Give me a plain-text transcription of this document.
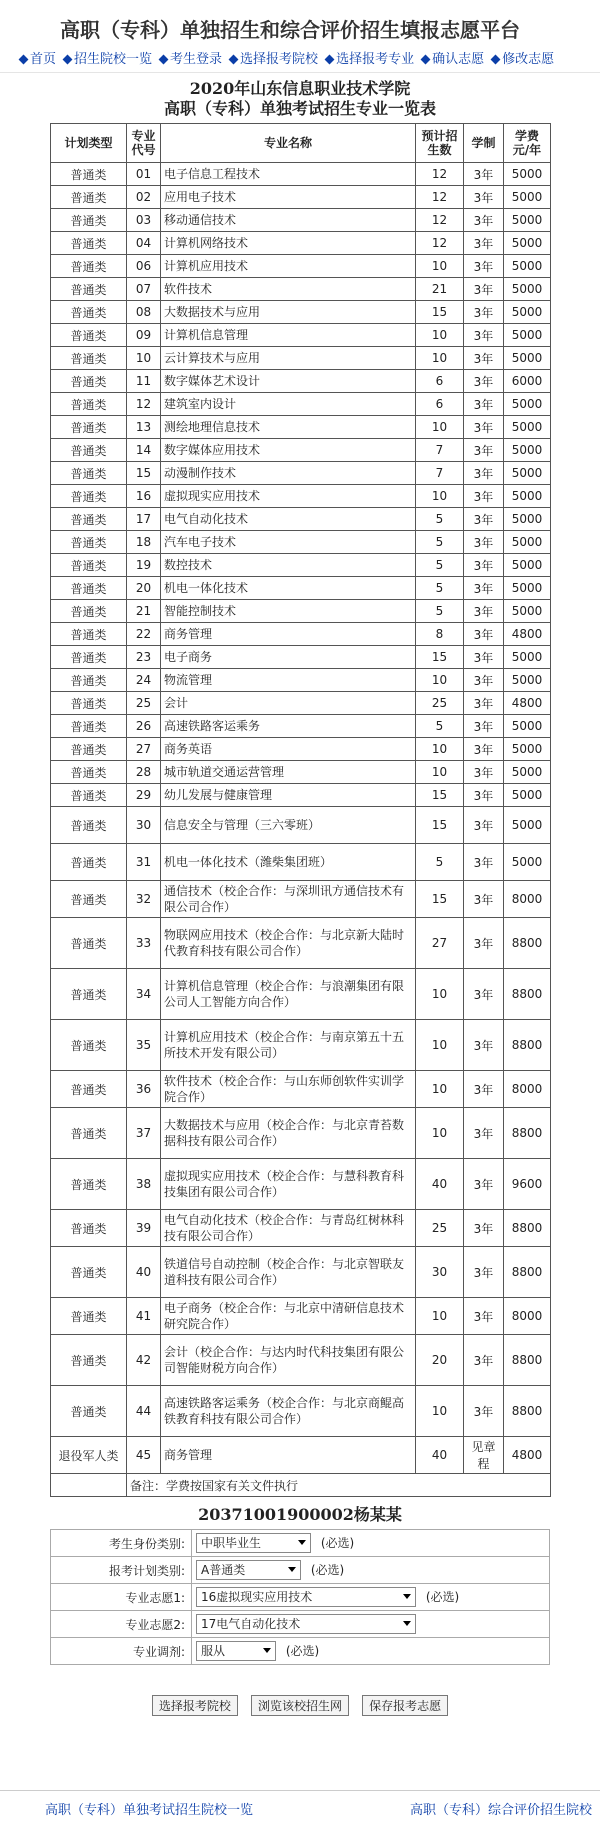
高职（专科）单独招生和综合评价招生填报志愿平台
首页 招生院校一览 考生登录 选择报考院校 选择报考专业 确认志愿 修改志愿
2020年山东信息职业技术学院
高职（专科）单独考试招生专业一览表
计划类型	专业代号	专业名称	预计招生数	学制	学费元/年
普通类	01	电子信息工程技术	12	3年	5000
普通类	02	应用电子技术	12	3年	5000
普通类	03	移动通信技术	12	3年	5000
普通类	04	计算机网络技术	12	3年	5000
普通类	06	计算机应用技术	10	3年	5000
普通类	07	软件技术	21	3年	5000
普通类	08	大数据技术与应用	15	3年	5000
普通类	09	计算机信息管理	10	3年	5000
普通类	10	云计算技术与应用	10	3年	5000
普通类	11	数字媒体艺术设计	6	3年	6000
普通类	12	建筑室内设计	6	3年	5000
普通类	13	测绘地理信息技术	10	3年	5000
普通类	14	数字媒体应用技术	7	3年	5000
普通类	15	动漫制作技术	7	3年	5000
普通类	16	虚拟现实应用技术	10	3年	5000
普通类	17	电气自动化技术	5	3年	5000
普通类	18	汽车电子技术	5	3年	5000
普通类	19	数控技术	5	3年	5000
普通类	20	机电一体化技术	5	3年	5000
普通类	21	智能控制技术	5	3年	5000
普通类	22	商务管理	8	3年	4800
普通类	23	电子商务	15	3年	5000
普通类	24	物流管理	10	3年	5000
普通类	25	会计	25	3年	4800
普通类	26	高速铁路客运乘务	5	3年	5000
普通类	27	商务英语	10	3年	5000
普通类	28	城市轨道交通运营管理	10	3年	5000
普通类	29	幼儿发展与健康管理	15	3年	5000
普通类	30	信息安全与管理（三六零班）	15	3年	5000
普通类	31	机电一体化技术（潍柴集团班）	5	3年	5000
普通类	32	通信技术（校企合作：与深圳讯方通信技术有限公司合作）	15	3年	8000
普通类	33	物联网应用技术（校企合作：与北京新大陆时代教育科技有限公司合作）	27	3年	8800
普通类	34	计算机信息管理（校企合作：与浪潮集团有限公司人工智能方向合作）	10	3年	8800
普通类	35	计算机应用技术（校企合作：与南京第五十五所技术开发有限公司）	10	3年	8800
普通类	36	软件技术（校企合作：与山东师创软件实训学院合作）	10	3年	8000
普通类	37	大数据技术与应用（校企合作：与北京青苔数据科技有限公司合作）	10	3年	8800
普通类	38	虚拟现实应用技术（校企合作：与慧科教育科技集团有限公司合作）	40	3年	9600
普通类	39	电气自动化技术（校企合作：与青岛红树林科技有限公司合作）	25	3年	8800
普通类	40	铁道信号自动控制（校企合作：与北京智联友道科技有限公司合作）	30	3年	8800
普通类	41	电子商务（校企合作：与北京中清研信息技术研究院合作）	10	3年	8000
普通类	42	会计（校企合作：与达内时代科技集团有限公司智能财税方向合作）	20	3年	8800
普通类	44	高速铁路客运乘务（校企合作：与北京商鲲高铁教育科技有限公司合作）	10	3年	8800
退役军人类	45	商务管理	40	见章程	4800
	备注：学费按国家有关文件执行				
20371001900002杨某某
考生身份类别:	中职毕业生 (必选)
报考计划类别:	A普通类 (必选)
专业志愿1:	16虚拟现实应用技术 (必选)
专业志愿2:	17电气自动化技术

专业调剂:	服从 (必选)
选择报考院校 浏览该校招生网 保存报考志愿
高职（专科）单独考试招生院校一览	高职（专科）综合评价招生院校
